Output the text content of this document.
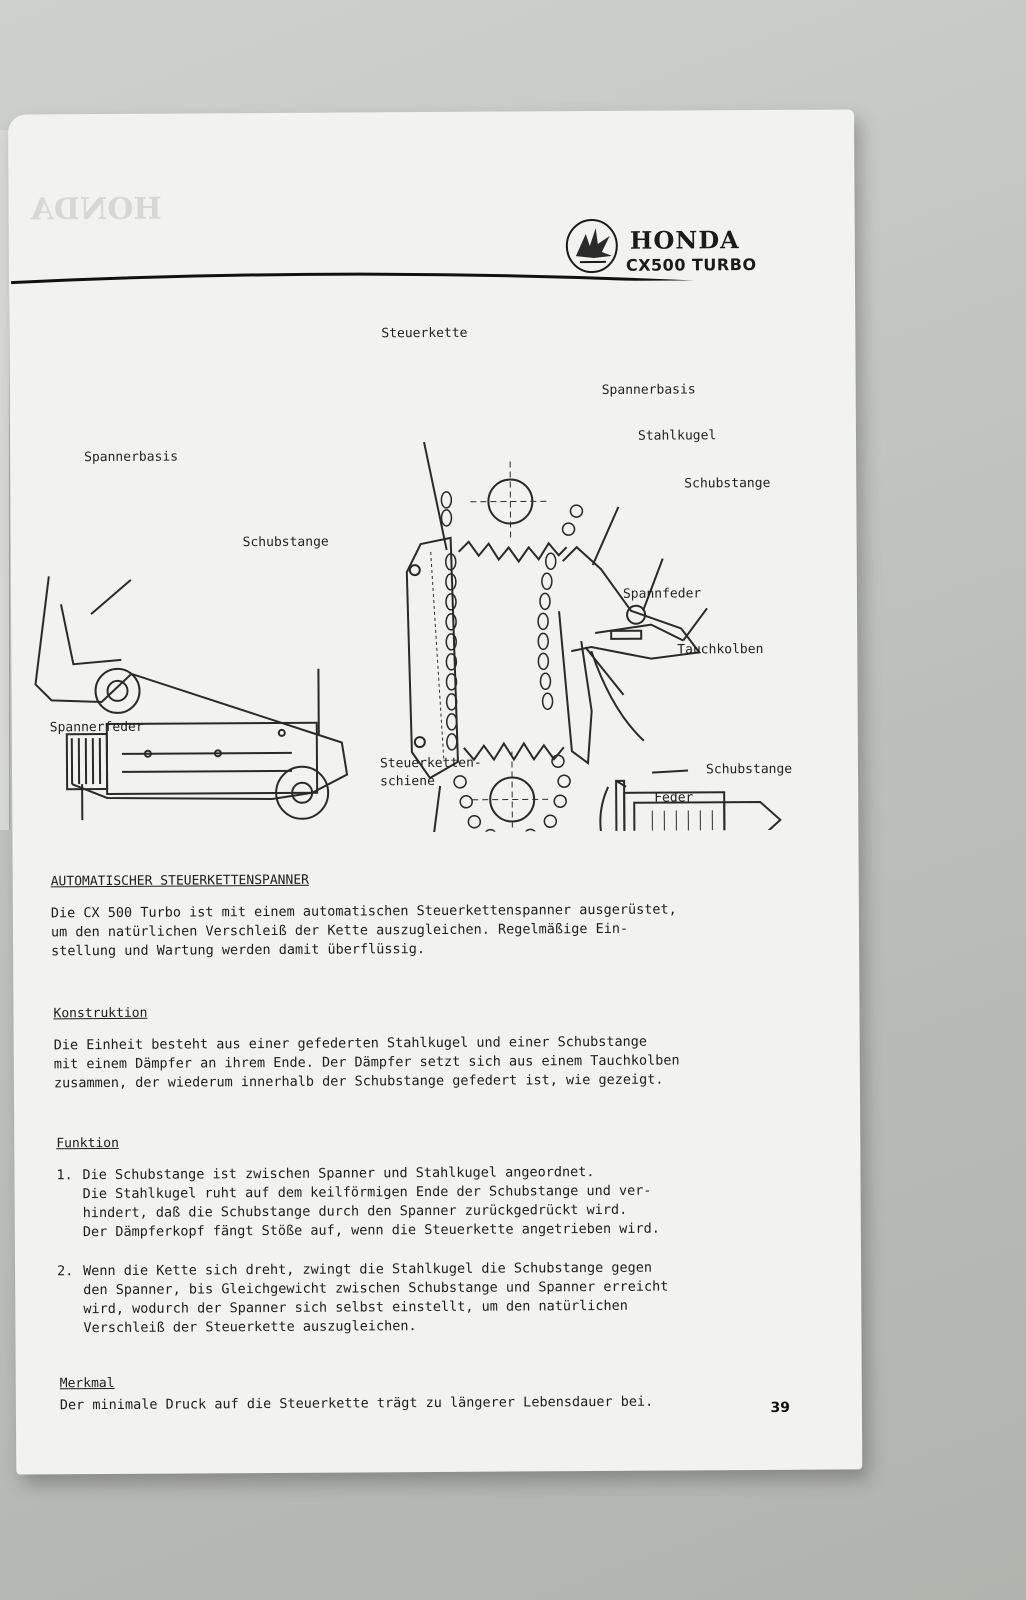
HONDA
HONDA
CX500 TURBO
Steuerkette
Spannerbasis
Stahlkugel
Schubstange
Spannerbasis
Schubstange
Spannfeder
Tauchkolben
Spannerfeder
Steuerketten-
schiene
Schubstange
Feder
AUTOMATISCHER STEUERKETTENSPANNER
Die CX 500 Turbo ist mit einem automatischen Steuerkettenspanner ausgerüstet,
um den natürlichen Verschleiß der Kette auszugleichen. Regelmäßige Ein-
stellung und Wartung werden damit überflüssig.
Konstruktion
Die Einheit besteht aus einer gefederten Stahlkugel und einer Schubstange
mit einem Dämpfer an ihrem Ende. Der Dämpfer setzt sich aus einem Tauchkolben
zusammen, der wiederum innerhalb der Schubstange gefedert ist, wie gezeigt.
Funktion
1. Die Schubstange ist zwischen Spanner und Stahlkugel angeordnet.
Die Stahlkugel ruht auf dem keilförmigen Ende der Schubstange und ver-
hindert, daß die Schubstange durch den Spanner zurückgedrückt wird.
Der Dämpferkopf fängt Stöße auf, wenn die Steuerkette angetrieben wird.
2. Wenn die Kette sich dreht, zwingt die Stahlkugel die Schubstange gegen
den Spanner, bis Gleichgewicht zwischen Schubstange und Spanner erreicht
wird, wodurch der Spanner sich selbst einstellt, um den natürlichen
Verschleiß der Steuerkette auszugleichen.
Merkmal
Der minimale Druck auf die Steuerkette trägt zu längerer Lebensdauer bei.	39
